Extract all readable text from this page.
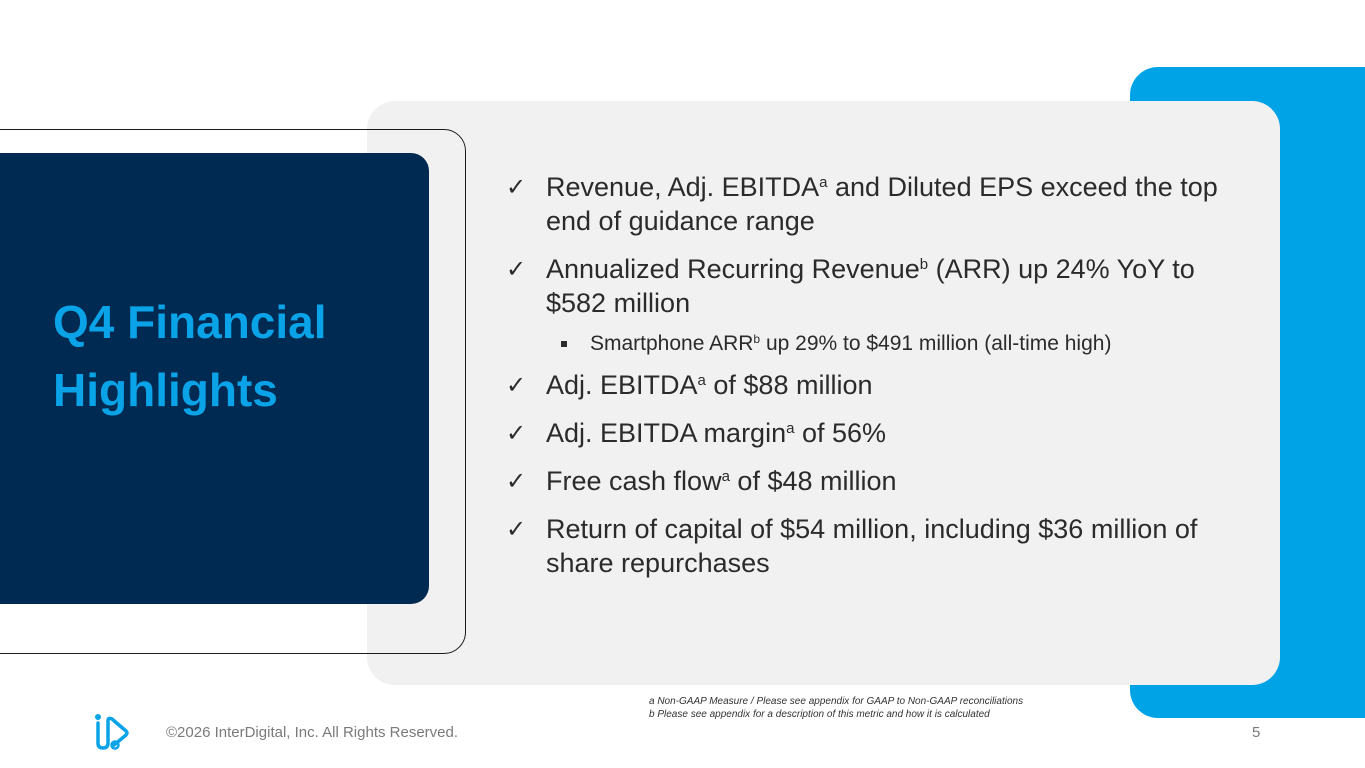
Q4 Financial
Highlights
✓ Revenue, Adj. EBITDA$^a$ and Diluted EPS exceed the top end of guidance range
✓ Annualized Recurring Revenue$^b$ (ARR) up 24% YoY to $582 million
Smartphone ARR$^b$ up 29% to $491 million (all-time high)
✓ Adj. EBITDA$^a$ of $88 million
✓ Adj. EBITDA margin$^a$ of 56%
✓ Free cash flow$^a$ of $48 million
✓ Return of capital of $54 million, including $36 million of share repurchases
a Non-GAAP Measure / Please see appendix for GAAP to Non-GAAP reconciliations
b Please see appendix for a description of this metric and how it is calculated
©2026 InterDigital, Inc. All Rights Reserved.	5
